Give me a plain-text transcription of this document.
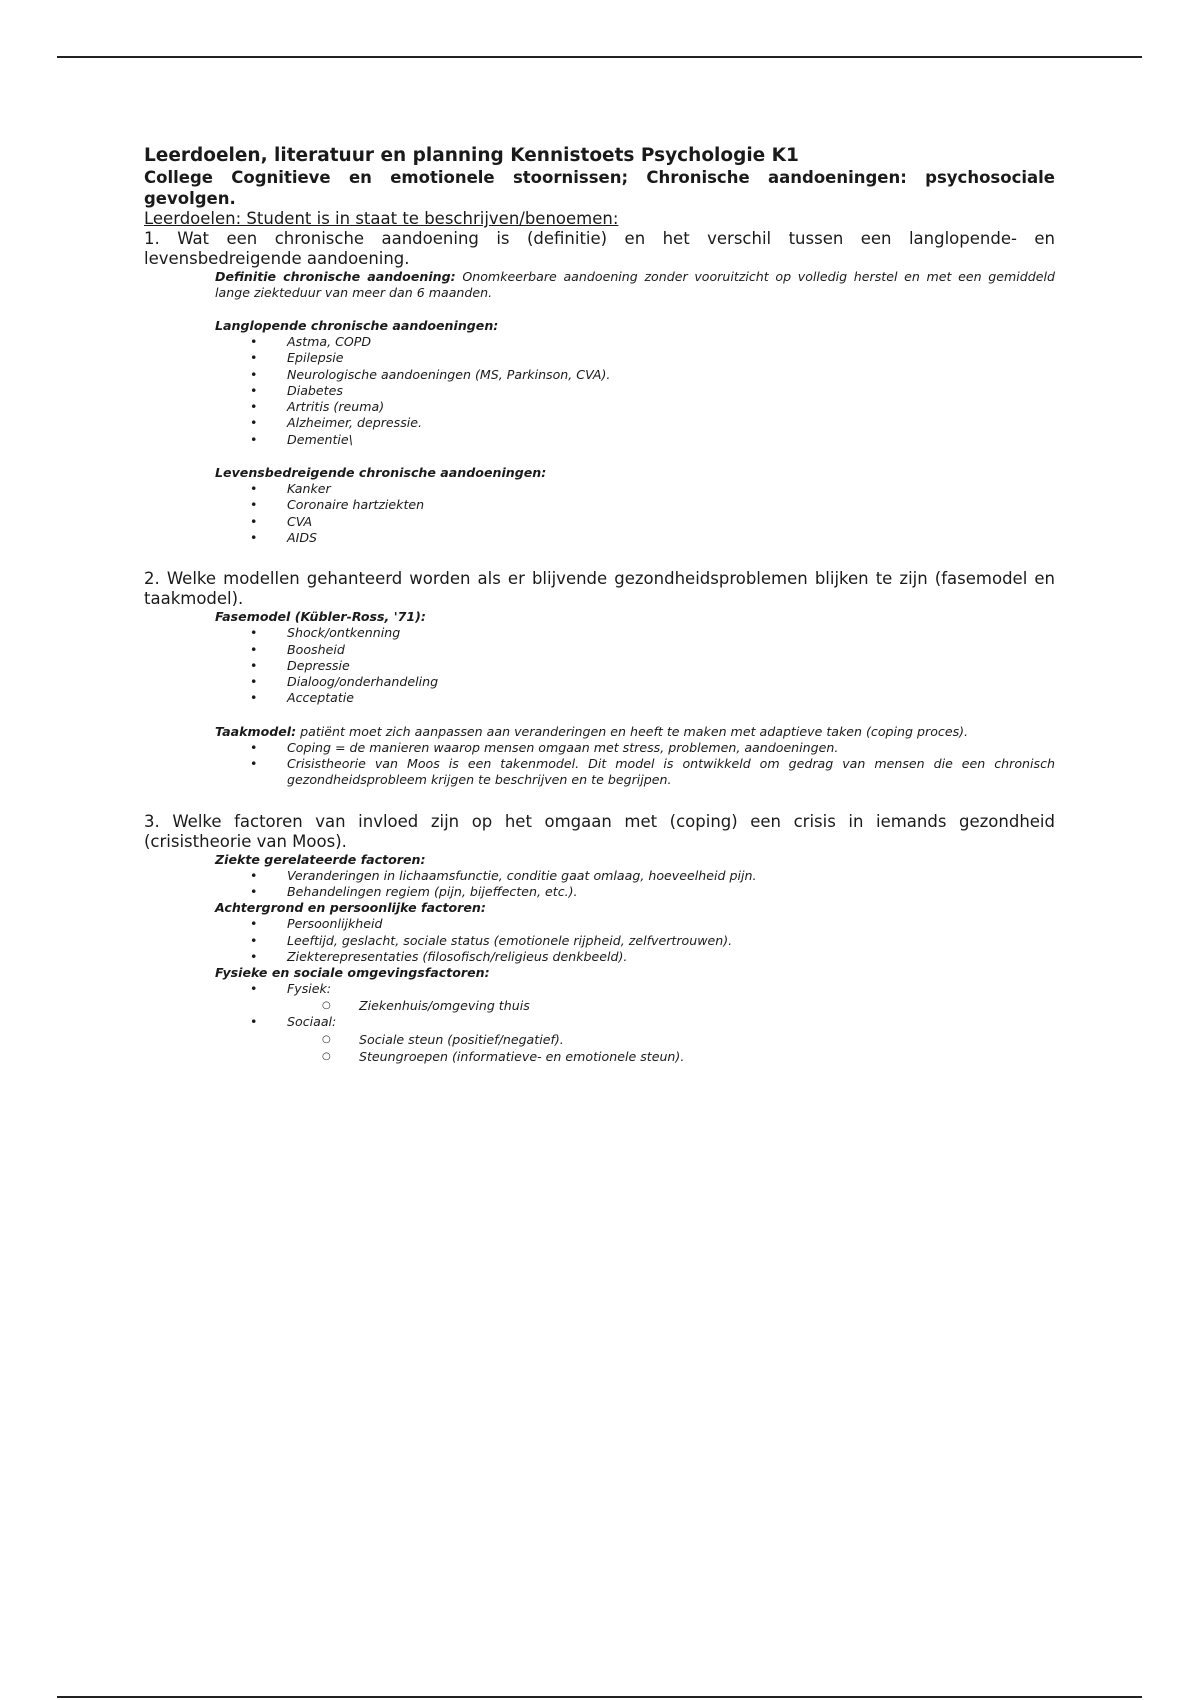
Leerdoelen, literatuur en planning Kennistoets Psychologie K1

College Cognitieve en emotionele stoornissen; Chronische aandoeningen: psychosociale gevolgen.

Leerdoelen: Student is in staat te beschrijven/benoemen:

1. Wat een chronische aandoening is (definitie) en het verschil tussen een langlopende- en levensbedreigende aandoening.

Definitie chronische aandoening: Onomkeerbare aandoening zonder vooruitzicht op volledig herstel en met een gemiddeld lange ziekteduur van meer dan 6 maanden.

Langlopende chronische aandoeningen:

• Astma, COPD
• Epilepsie
• Neurologische aandoeningen (MS, Parkinson, CVA).
• Diabetes
• Artritis (reuma)
• Alzheimer, depressie.
• Dementie\

Levensbedreigende chronische aandoeningen:

• Kanker
• Coronaire hartziekten
• CVA
• AIDS

2. Welke modellen gehanteerd worden als er blijvende gezondheidsproblemen blijken te zijn (fasemodel en taakmodel).

Fasemodel (Kübler-Ross, '71):

• Shock/ontkenning
• Boosheid
• Depressie
• Dialoog/onderhandeling
• Acceptatie

Taakmodel: patiënt moet zich aanpassen aan veranderingen en heeft te maken met adaptieve taken (coping proces).

• Coping = de manieren waarop mensen omgaan met stress, problemen, aandoeningen.
• Crisistheorie van Moos is een takenmodel. Dit model is ontwikkeld om gedrag van mensen die een chronisch gezondheidsprobleem krijgen te beschrijven en te begrijpen.

3. Welke factoren van invloed zijn op het omgaan met (coping) een crisis in iemands gezondheid (crisistheorie van Moos).

Ziekte gerelateerde factoren:

• Veranderingen in lichaamsfunctie, conditie gaat omlaag, hoeveelheid pijn.
• Behandelingen regiem (pijn, bijeffecten, etc.).

Achtergrond en persoonlijke factoren:

• Persoonlijkheid
• Leeftijd, geslacht, sociale status (emotionele rijpheid, zelfvertrouwen).
• Ziekterepresentaties (filosofisch/religieus denkbeeld).

Fysieke en sociale omgevingsfactoren:

• Fysiek:
○ Ziekenhuis/omgeving thuis
• Sociaal:
○ Sociale steun (positief/negatief).
○ Steungroepen (informatieve- en emotionele steun).
